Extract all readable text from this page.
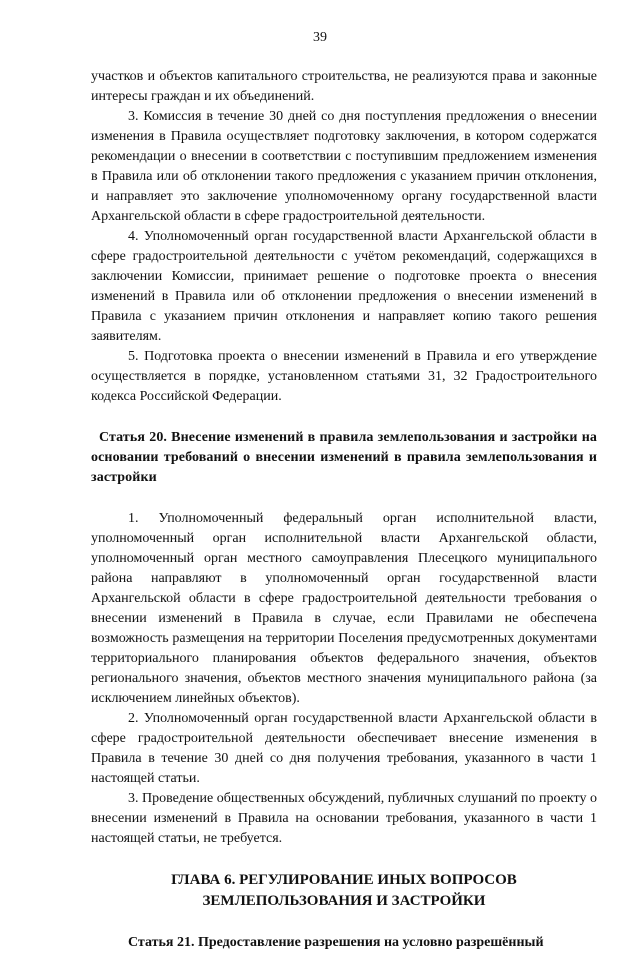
39

участков и объектов капитального строительства, не реализуются права и законные интересы граждан и их объединений.

3. Комиссия в течение 30 дней со дня поступления предложения о внесении изменения в Правила осуществляет подготовку заключения, в котором содержатся рекомендации о внесении в соответствии с поступившим предложением изменения в Правила или об отклонении такого предложения с указанием причин отклонения, и направляет это заключение уполномоченному органу государственной власти Архангельской области в сфере градостроительной деятельности.

4. Уполномоченный орган государственной власти Архангельской области в сфере градостроительной деятельности с учётом рекомендаций, содержащихся в заключении Комиссии, принимает решение о подготовке проекта о внесения изменений в Правила или об отклонении предложения о внесении изменений в Правила с указанием причин отклонения и направляет копию такого решения заявителям.

5. Подготовка проекта о внесении изменений в Правила и его утверждение осуществляется в порядке, установленном статьями 31, 32 Градостроительного кодекса Российской Федерации.

Статья 20. Внесение изменений в правила землепользования и застройки на основании требований о внесении изменений в правила землепользования и застройки

1. Уполномоченный федеральный орган исполнительной власти, уполномоченный орган исполнительной власти Архангельской области, уполномоченный орган местного самоуправления Плесецкого муниципального района направляют в уполномоченный орган государственной власти Архангельской области в сфере градостроительной деятельности требования о внесении изменений в Правила в случае, если Правилами не обеспечена возможность размещения на территории Поселения предусмотренных документами территориального планирования объектов федерального значения, объектов регионального значения, объектов местного значения муниципального района (за исключением линейных объектов).

2. Уполномоченный орган государственной власти Архангельской области в сфере градостроительной деятельности обеспечивает внесение изменения в Правила в течение 30 дней со дня получения требования, указанного в части 1 настоящей статьи.

3. Проведение общественных обсуждений, публичных слушаний по проекту о внесении изменений в Правила на основании требования, указанного в части 1 настоящей статьи, не требуется.

ГЛАВА 6. РЕГУЛИРОВАНИЕ ИНЫХ ВОПРОСОВ

ЗЕМЛЕПОЛЬЗОВАНИЯ И ЗАСТРОЙКИ

Статья 21. Предоставление разрешения на условно разрешённый
